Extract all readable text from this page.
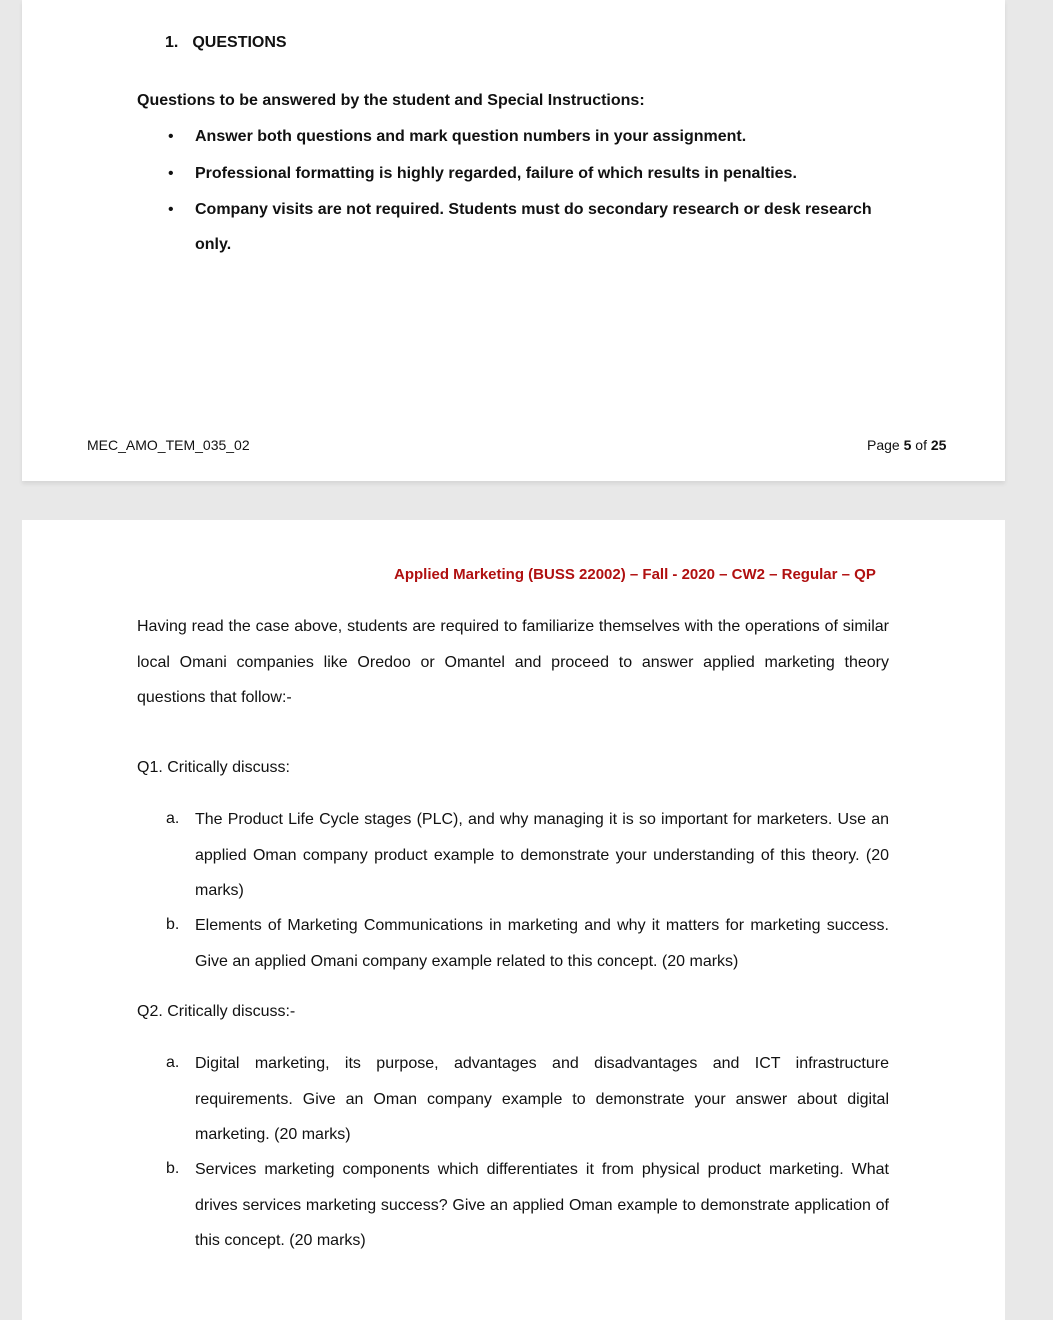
1. QUESTIONS
Questions to be answered by the student and Special Instructions:
•	Answer both questions and mark question numbers in your assignment.
•	Professional formatting is highly regarded, failure of which results in penalties.
•	Company visits are not required. Students must do secondary research or desk research only.
MEC_AMO_TEM_035_02	Page 5 of 25
Applied Marketing (BUSS 22002) – Fall - 2020 – CW2 – Regular – QP
Having read the case above, students are required to familiarize themselves with the operations of similar local Omani companies like Oredoo or Omantel and proceed to answer applied marketing theory questions that follow:-
Q1. Critically discuss:
a. The Product Life Cycle stages (PLC), and why managing it is so important for marketers. Use an applied Oman company product example to demonstrate your understanding of this theory. (20 marks)
b. Elements of Marketing Communications in marketing and why it matters for marketing success. Give an applied Omani company example related to this concept. (20 marks)
Q2. Critically discuss:-
a. Digital marketing, its purpose, advantages and disadvantages and ICT infrastructure requirements. Give an Oman company example to demonstrate your answer about digital marketing. (20 marks)
b. Services marketing components which differentiates it from physical product marketing. What drives services marketing success? Give an applied Oman example to demonstrate application of this concept. (20 marks)
